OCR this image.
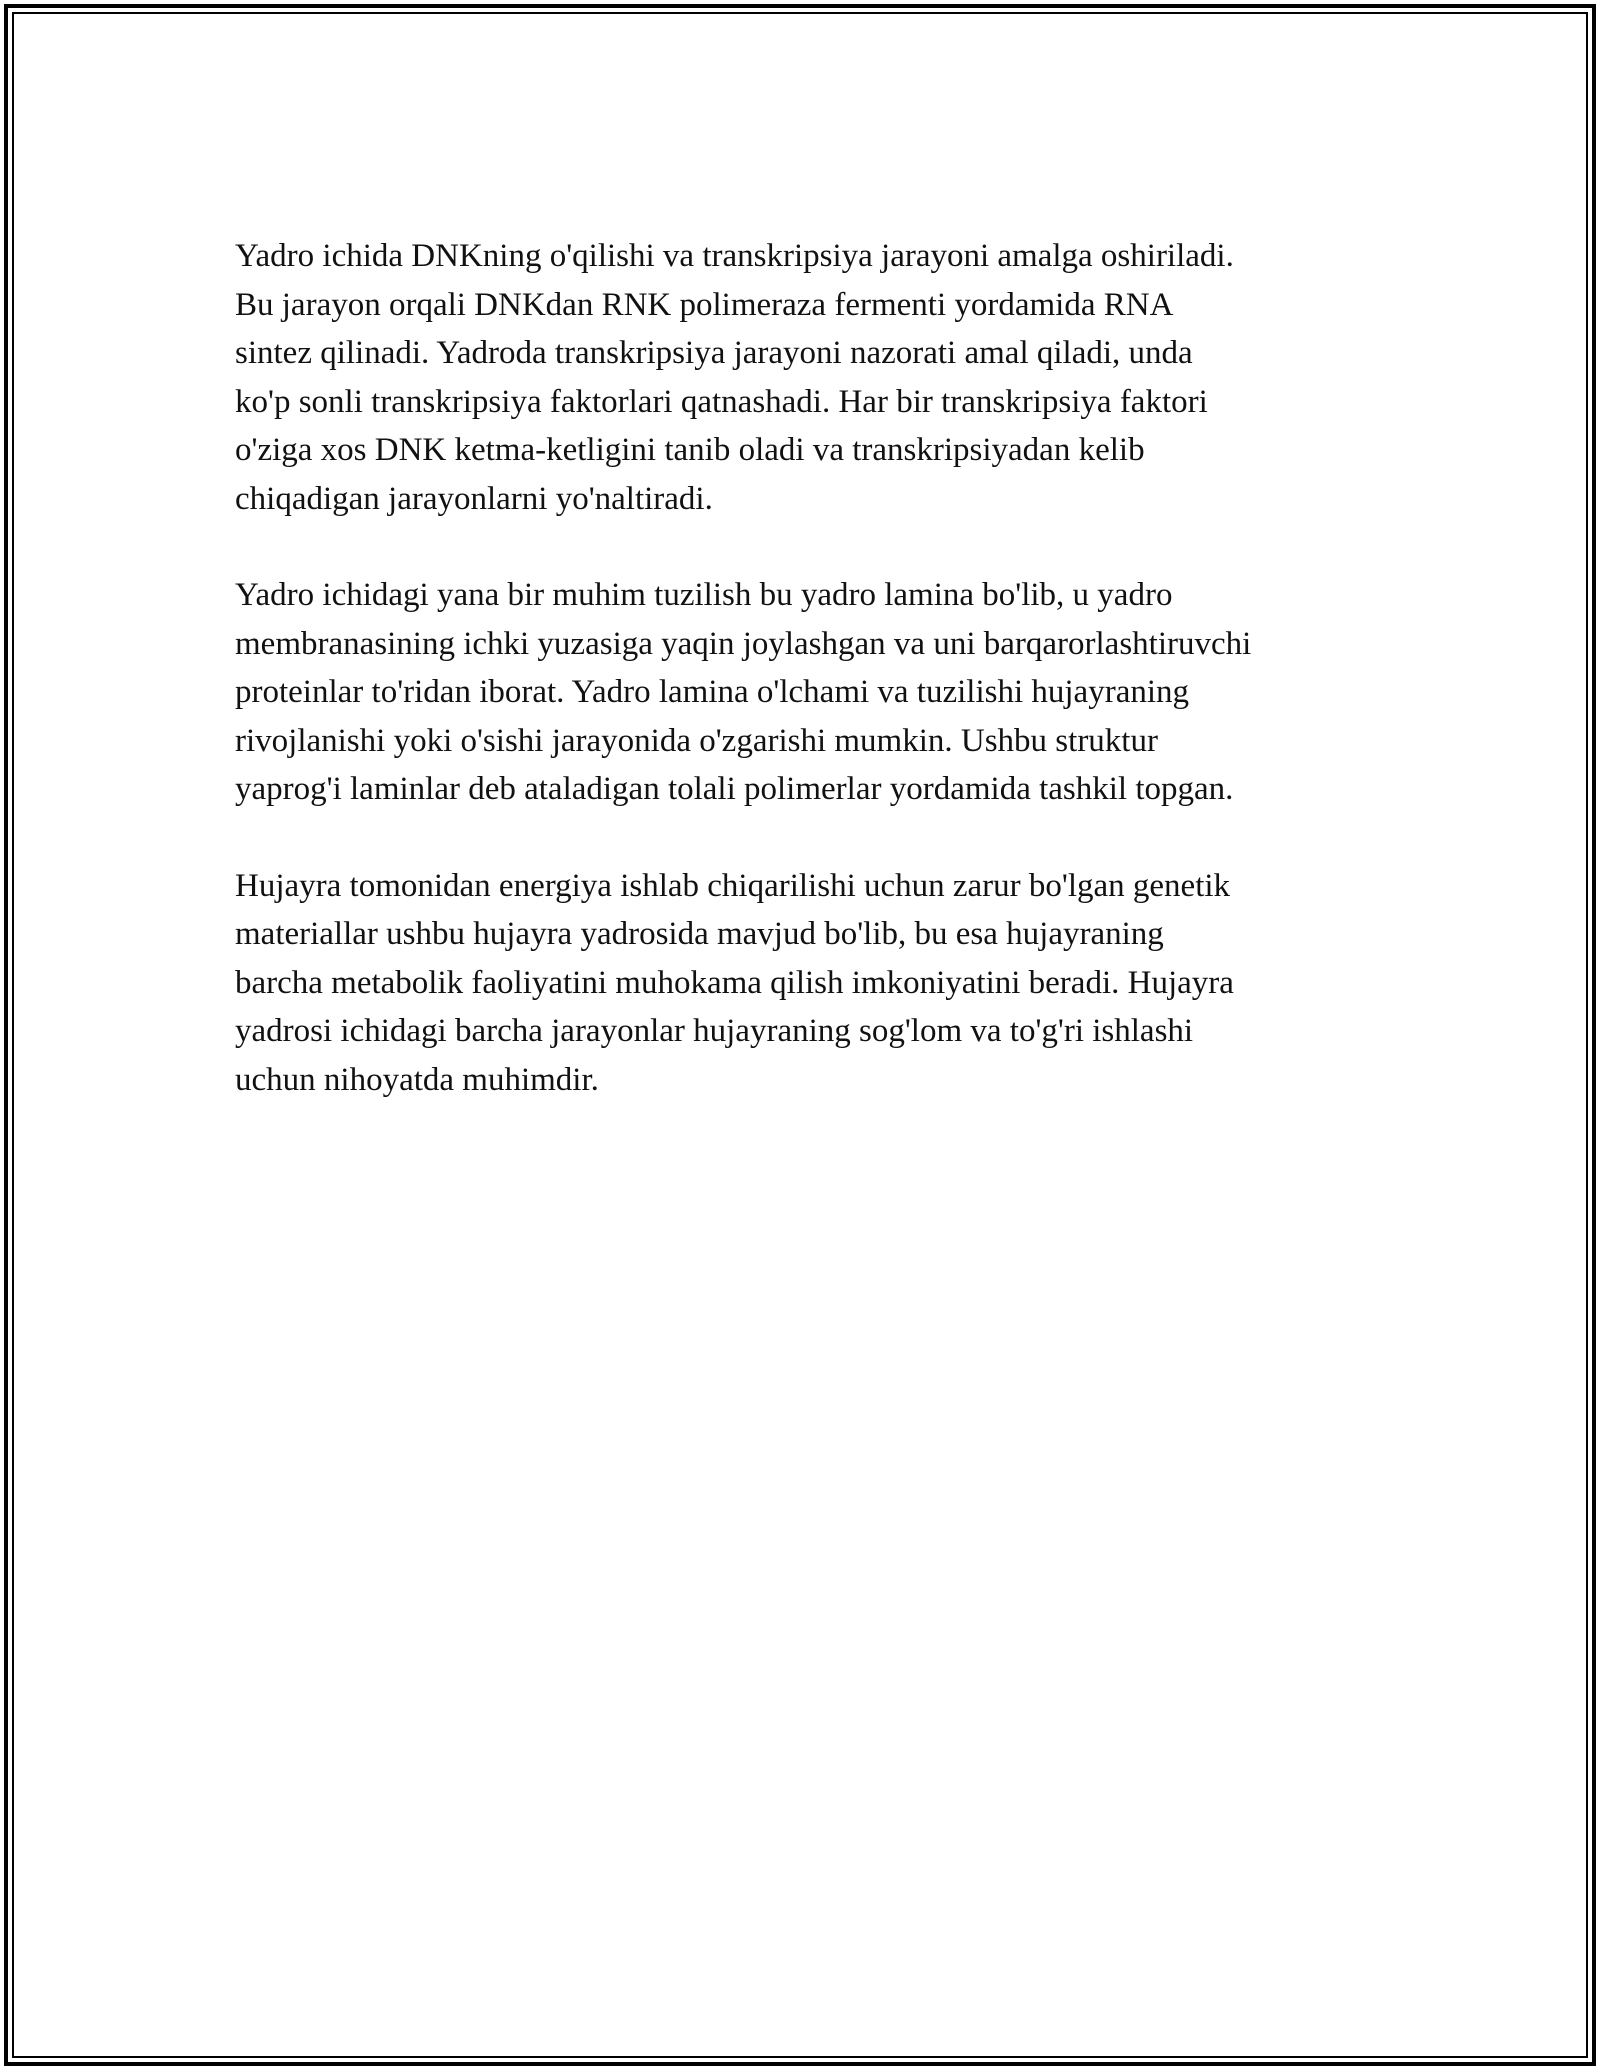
Yadro ichida DNKning o'qilishi va transkripsiya jarayoni amalga oshiriladi.
Bu jarayon orqali DNKdan RNK polimeraza fermenti yordamida RNA
sintez qilinadi. Yadroda transkripsiya jarayoni nazorati amal qiladi, unda
ko'p sonli transkripsiya faktorlari qatnashadi. Har bir transkripsiya faktori
o'ziga xos DNK ketma-ketligini tanib oladi va transkripsiyadan kelib
chiqadigan jarayonlarni yo'naltiradi.

Yadro ichidagi yana bir muhim tuzilish bu yadro lamina bo'lib, u yadro
membranasining ichki yuzasiga yaqin joylashgan va uni barqarorlashtiruvchi
proteinlar to'ridan iborat. Yadro lamina o'lchami va tuzilishi hujayraning
rivojlanishi yoki o'sishi jarayonida o'zgarishi mumkin. Ushbu struktur
yaprog'i laminlar deb ataladigan tolali polimerlar yordamida tashkil topgan.

Hujayra tomonidan energiya ishlab chiqarilishi uchun zarur bo'lgan genetik
materiallar ushbu hujayra yadrosida mavjud bo'lib, bu esa hujayraning
barcha metabolik faoliyatini muhokama qilish imkoniyatini beradi. Hujayra
yadrosi ichidagi barcha jarayonlar hujayraning sog'lom va to'g'ri ishlashi
uchun nihoyatda muhimdir.
